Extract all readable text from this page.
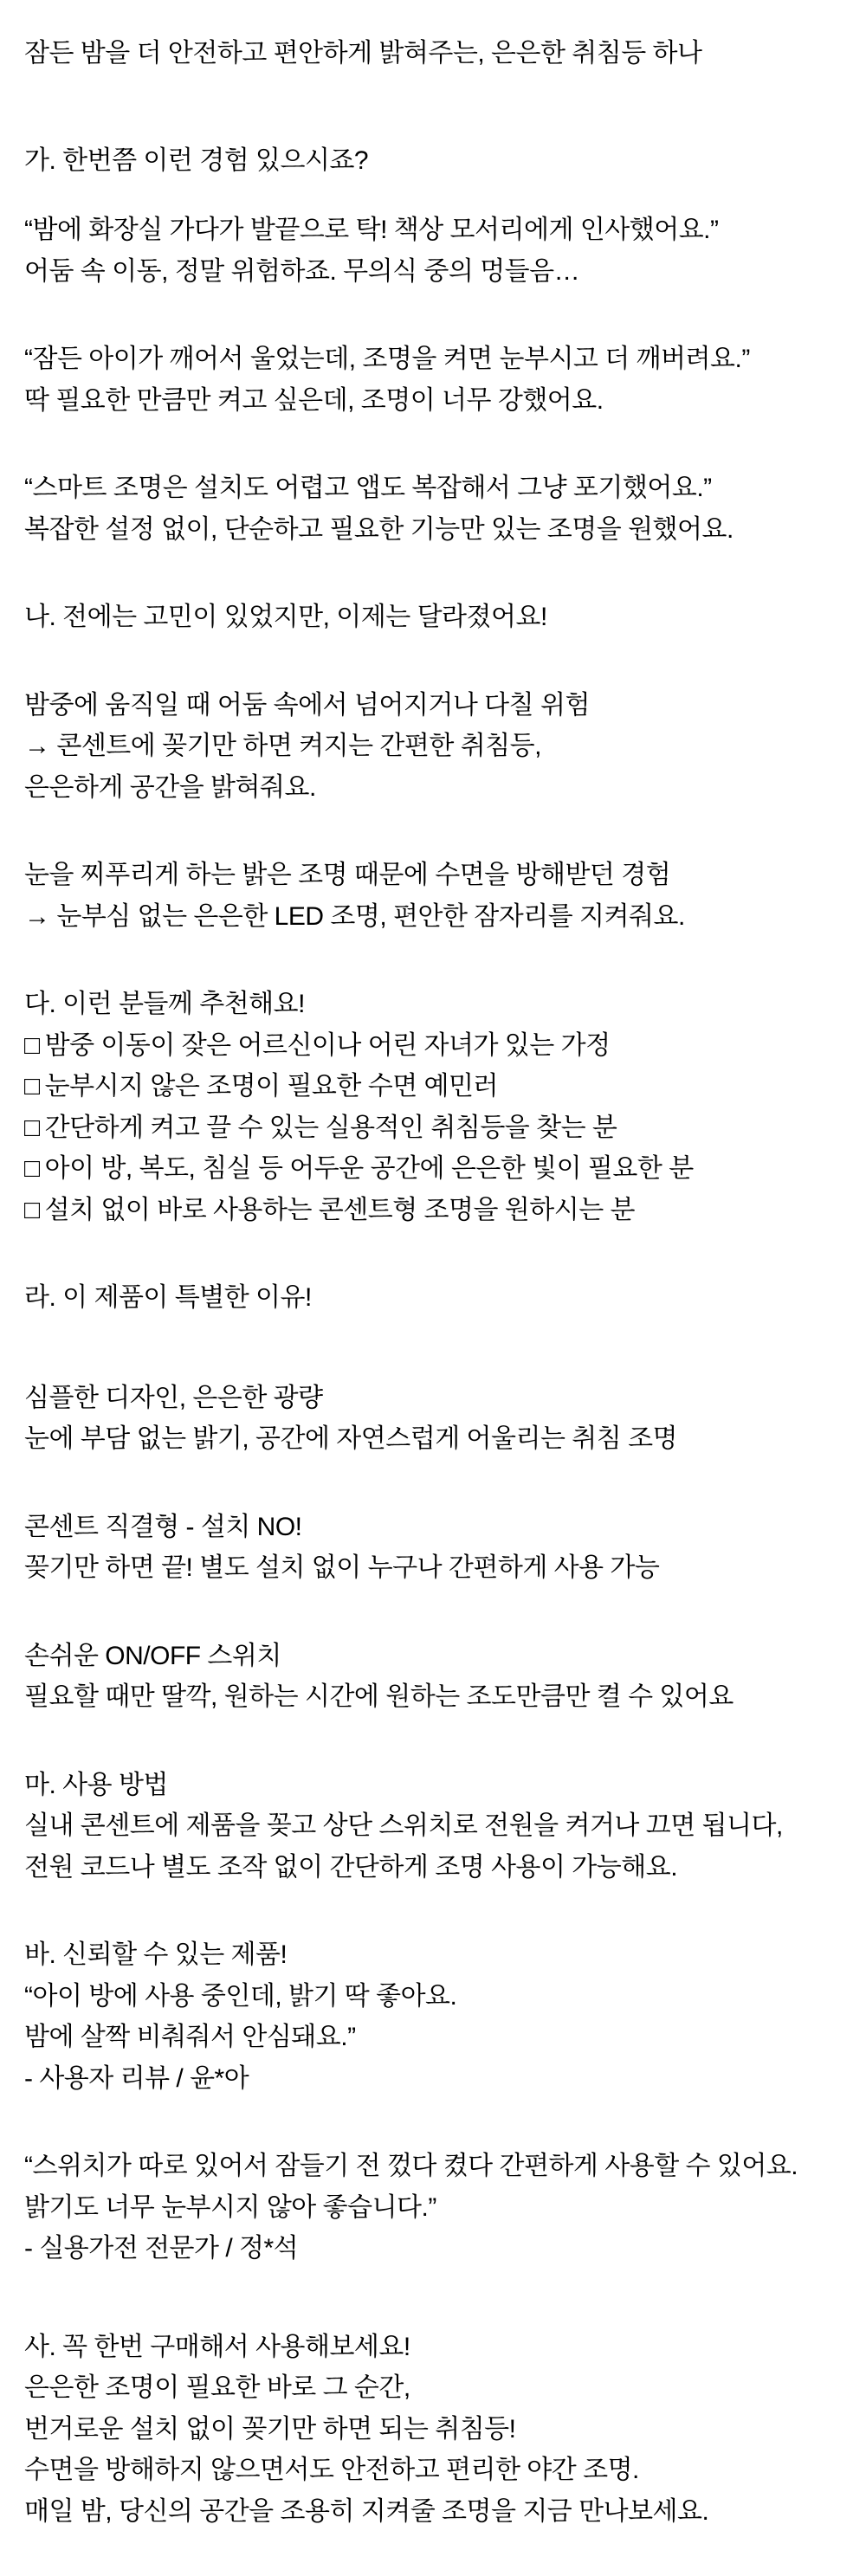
잠든 밤을 더 안전하고 편안하게 밝혀주는, 은은한 취침등 하나
가. 한번쯤 이런 경험 있으시죠?
“밤에 화장실 가다가 발끝으로 탁! 책상 모서리에게 인사했어요.”
어둠 속 이동, 정말 위험하죠. 무의식 중의 멍들음…
“잠든 아이가 깨어서 울었는데, 조명을 켜면 눈부시고 더 깨버려요.”
딱 필요한 만큼만 켜고 싶은데, 조명이 너무 강했어요.
“스마트 조명은 설치도 어렵고 앱도 복잡해서 그냥 포기했어요.”
복잡한 설정 없이, 단순하고 필요한 기능만 있는 조명을 원했어요.
나. 전에는 고민이 있었지만, 이제는 달라졌어요!
밤중에 움직일 때 어둠 속에서 넘어지거나 다칠 위험
→ 콘센트에 꽂기만 하면 켜지는 간편한 취침등,
은은하게 공간을 밝혀줘요.
눈을 찌푸리게 하는 밝은 조명 때문에 수면을 방해받던 경험
→ 눈부심 없는 은은한 LED 조명, 편안한 잠자리를 지켜줘요.
다. 이런 분들께 추천해요!
□ 밤중 이동이 잦은 어르신이나 어린 자녀가 있는 가정
□ 눈부시지 않은 조명이 필요한 수면 예민러
□ 간단하게 켜고 끌 수 있는 실용적인 취침등을 찾는 분
□ 아이 방, 복도, 침실 등 어두운 공간에 은은한 빛이 필요한 분
□ 설치 없이 바로 사용하는 콘센트형 조명을 원하시는 분
라. 이 제품이 특별한 이유!
심플한 디자인, 은은한 광량
눈에 부담 없는 밝기, 공간에 자연스럽게 어울리는 취침 조명
콘센트 직결형 - 설치 NO!
꽂기만 하면 끝! 별도 설치 없이 누구나 간편하게 사용 가능
손쉬운 ON/OFF 스위치
필요할 때만 딸깍, 원하는 시간에 원하는 조도만큼만 켤 수 있어요
마. 사용 방법
실내 콘센트에 제품을 꽂고 상단 스위치로 전원을 켜거나 끄면 됩니다,
전원 코드나 별도 조작 없이 간단하게 조명 사용이 가능해요.
바. 신뢰할 수 있는 제품!
“아이 방에 사용 중인데, 밝기 딱 좋아요.
밤에 살짝 비춰줘서 안심돼요.”
- 사용자 리뷰 / 윤*아
“스위치가 따로 있어서 잠들기 전 껐다 켰다 간편하게 사용할 수 있어요.
밝기도 너무 눈부시지 않아 좋습니다.”
- 실용가전 전문가 / 정*석
사. 꼭 한번 구매해서 사용해보세요!
은은한 조명이 필요한 바로 그 순간,
번거로운 설치 없이 꽂기만 하면 되는 취침등!
수면을 방해하지 않으면서도 안전하고 편리한 야간 조명.
매일 밤, 당신의 공간을 조용히 지켜줄 조명을 지금 만나보세요.
